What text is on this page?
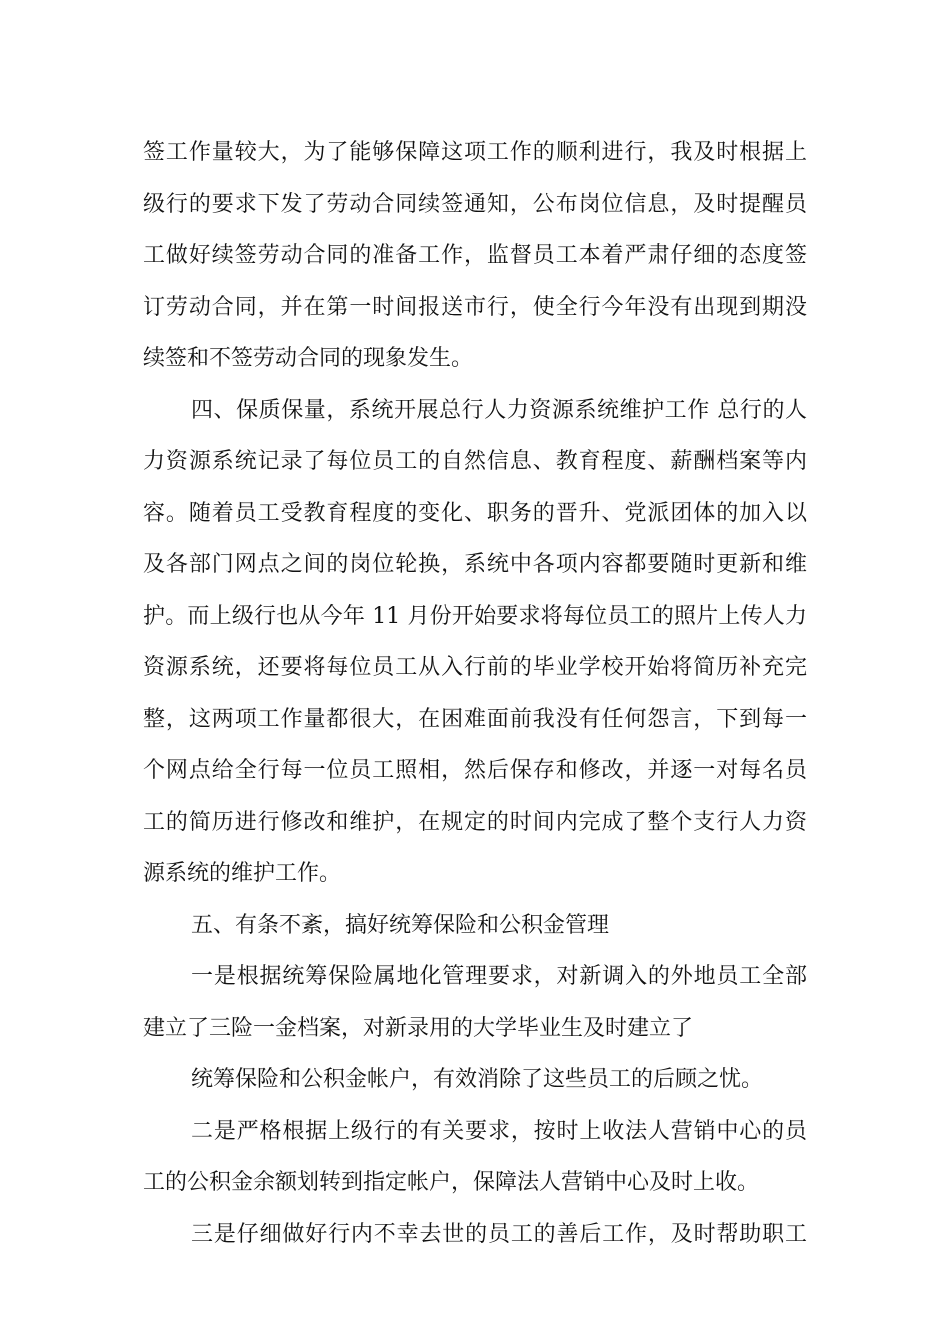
签工作量较大，为了能够保障这项工作的顺利进行，我及时根据上
级行的要求下发了劳动合同续签通知，公布岗位信息，及时提醒员
工做好续签劳动合同的准备工作，监督员工本着严肃仔细的态度签
订劳动合同，并在第一时间报送市行，使全行今年没有出现到期没
续签和不签劳动合同的现象发生。
四、保质保量，系统开展总行人力资源系统维护工作 总行的人
力资源系统记录了每位员工的自然信息、教育程度、薪酬档案等内
容。随着员工受教育程度的变化、职务的晋升、党派团体的加入以
及各部门网点之间的岗位轮换，系统中各项内容都要随时更新和维
护。而上级行也从今年 11 月份开始要求将每位员工的照片上传人力
资源系统，还要将每位员工从入行前的毕业学校开始将简历补充完
整，这两项工作量都很大，在困难面前我没有任何怨言，下到每一
个网点给全行每一位员工照相，然后保存和修改，并逐一对每名员
工的简历进行修改和维护，在规定的时间内完成了整个支行人力资
源系统的维护工作。
五、有条不紊，搞好统筹保险和公积金管理
一是根据统筹保险属地化管理要求，对新调入的外地员工全部
建立了三险一金档案，对新录用的大学毕业生及时建立了
统筹保险和公积金帐户，有效消除了这些员工的后顾之忧。
二是严格根据上级行的有关要求，按时上收法人营销中心的员
工的公积金余额划转到指定帐户，保障法人营销中心及时上收。
三是仔细做好行内不幸去世的员工的善后工作，及时帮助职工
